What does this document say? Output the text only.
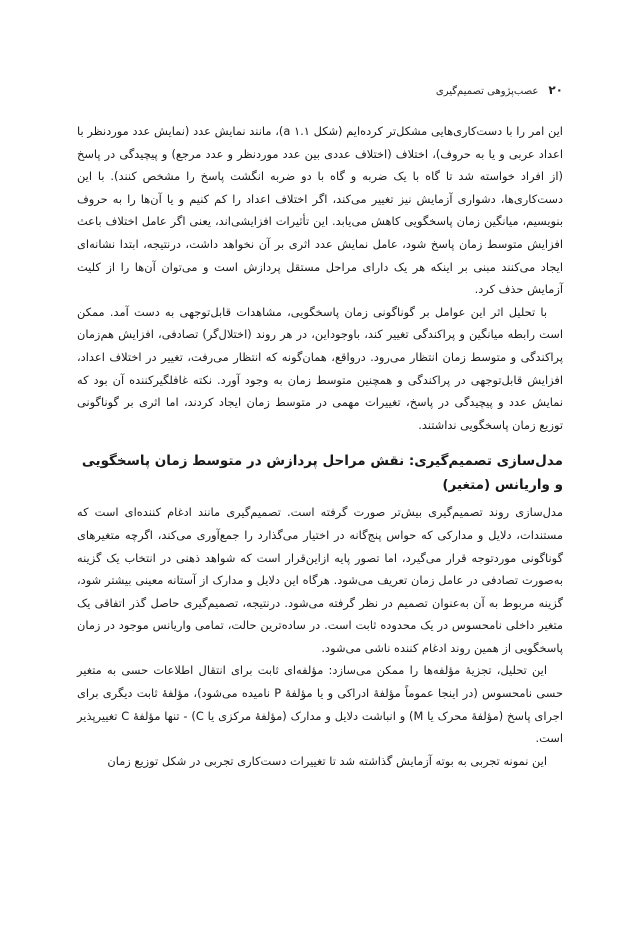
۲۰
عصب‌پژوهی تصمیم‌گیری

این امر را با دست‌کاری‌هایی مشکل‌تر کرده‌ایم (شکل a ۱.۱)، مانند نمایش عدد (نمایش عدد موردنظر با اعداد عربی و یا به حروف)، اختلاف (اختلاف عددی بین عدد موردنظر و عدد مرجع) و پیچیدگی در پاسخ (از افراد خواسته شد تا گاه با یک ضربه و گاه با دو ضربه انگشت پاسخ را مشخص کنند). با این دست‌کاری‌ها، دشواری آزمایش نیز تغییر می‌کند، اگر اختلاف اعداد را کم کنیم و یا آن‌ها را به حروف بنویسیم، میانگین زمان پاسخگویی کاهش می‌یابد. این تأثیرات افزایشی‌اند، یعنی اگر عامل اختلاف باعث افزایش متوسط زمان پاسخ شود، عامل نمایش عدد اثری بر آن نخواهد داشت، درنتیجه، ابتدا نشانه‌ای ایجاد می‌کنند مبنی بر اینکه هر یک دارای مراحل مستقل پردازش است و می‌توان آن‌ها را از کلیت آزمایش حذف کرد.

با تحلیل اثر این عوامل بر گوناگونی زمان پاسخگویی، مشاهدات قابل‌توجهی به دست آمد. ممکن است رابطه میانگین و پراکندگی تغییر کند، باوجوداین، در هر روند (اختلال‌گر) تصادفی، افزایش هم‌زمان پراکندگی و متوسط زمان انتظار می‌رود. درواقع، همان‌گونه که انتظار می‌رفت، تغییر در اختلاف اعداد، افزایش قابل‌توجهی در پراکندگی و همچنین متوسط زمان به وجود آورد. نکته غافلگیرکننده آن بود که نمایش عدد و پیچیدگی در پاسخ، تغییرات مهمی در متوسط زمان ایجاد کردند، اما اثری بر گوناگونی توزیع زمان پاسخگویی نداشتند.

مدل‌سازی تصمیم‌گیری: نقش مراحل پردازش در متوسط زمان پاسخگویی و واریانس (متغیر)

مدل‌سازی روند تصمیم‌گیری بیش‌تر صورت گرفته است. تصمیم‌گیری مانند ادغام کننده‌ای است که مستندات، دلایل و مدارکی که حواس پنج‌گانه در اختیار می‌گذارد را جمع‌آوری می‌کند، اگرچه متغیرهای گوناگونی موردتوجه قرار می‌گیرد، اما تصور پایه ازاین‌قرار است که شواهد ذهنی در انتخاب یک گزینه به‌صورت تصادفی در عامل زمان تعریف می‌شود. هرگاه این دلایل و مدارک از آستانه معینی بیشتر شود، گزینه مربوط به آن به‌عنوان تصمیم در نظر گرفته می‌شود. درنتیجه، تصمیم‌گیری حاصل گذر اتفاقی یک متغیر داخلی نامحسوس در یک محدوده ثابت است. در ساده‌ترین حالت، تمامی واریانس موجود در زمان پاسخگویی از همین روند ادغام کننده ناشی می‌شود.

این تحلیل، تجزیهٔ مؤلفه‌ها را ممکن می‌سازد: مؤلفه‌ای ثابت برای انتقال اطلاعات حسی به متغیر حسی نامحسوس (در اینجا عموماً مؤلفهٔ ادراکی و یا مؤلفهٔ P نامیده می‌شود)، مؤلفهٔ ثابت دیگری برای اجرای پاسخ (مؤلفهٔ محرک یا M) و انباشت دلایل و مدارک (مؤلفهٔ مرکزی یا C) - تنها مؤلفهٔ C تغییرپذیر است.

این نمونه تجربی به بوته آزمایش گذاشته شد تا تغییرات دست‌کاری تجربی در شکل توزیع زمان
